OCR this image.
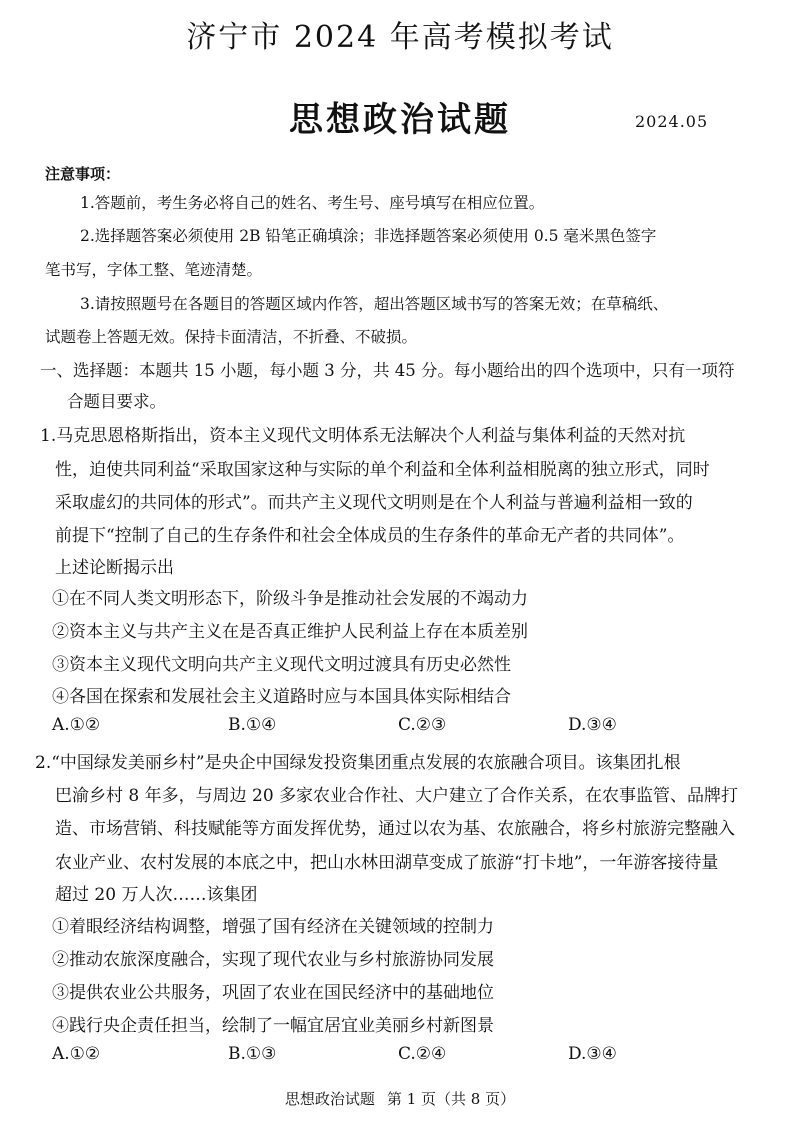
济宁市 2024 年高考模拟考试
思想政治试题	2024.05
注意事项：
1.答题前，考生务必将自己的姓名、考生号、座号填写在相应位置。
2.选择题答案必须使用 2B 铅笔正确填涂；非选择题答案必须使用 0.5 毫米黑色签字
笔书写，字体工整、笔迹清楚。
3.请按照题号在各题目的答题区域内作答，超出答题区域书写的答案无效；在草稿纸、
试题卷上答题无效。保持卡面清洁，不折叠、不破损。
一、选择题：本题共 15 小题，每小题 3 分，共 45 分。每小题给出的四个选项中，只有一项符
合题目要求。
1.马克思恩格斯指出，资本主义现代文明体系无法解决个人利益与集体利益的天然对抗
性，迫使共同利益“采取国家这种与实际的单个利益和全体利益相脱离的独立形式，同时
采取虚幻的共同体的形式”。而共产主义现代文明则是在个人利益与普遍利益相一致的
前提下“控制了自己的生存条件和社会全体成员的生存条件的革命无产者的共同体”。
上述论断揭示出
①在不同人类文明形态下，阶级斗争是推动社会发展的不竭动力
②资本主义与共产主义在是否真正维护人民利益上存在本质差别
③资本主义现代文明向共产主义现代文明过渡具有历史必然性
④各国在探索和发展社会主义道路时应与本国具体实际相结合
A.①②	B.①④	C.②③	D.③④
2.“中国绿发美丽乡村”是央企中国绿发投资集团重点发展的农旅融合项目。该集团扎根
巴渝乡村 8 年多，与周边 20 多家农业合作社、大户建立了合作关系，在农事监管、品牌打
造、市场营销、科技赋能等方面发挥优势，通过以农为基、农旅融合，将乡村旅游完整融入
农业产业、农村发展的本底之中，把山水林田湖草变成了旅游“打卡地”，一年游客接待量
超过 20 万人次……该集团
①着眼经济结构调整，增强了国有经济在关键领域的控制力
②推动农旅深度融合，实现了现代农业与乡村旅游协同发展
③提供农业公共服务，巩固了农业在国民经济中的基础地位
④践行央企责任担当，绘制了一幅宜居宜业美丽乡村新图景
A.①②	B.①③	C.②④	D.③④
思想政治试题 第 1 页（共 8 页）
